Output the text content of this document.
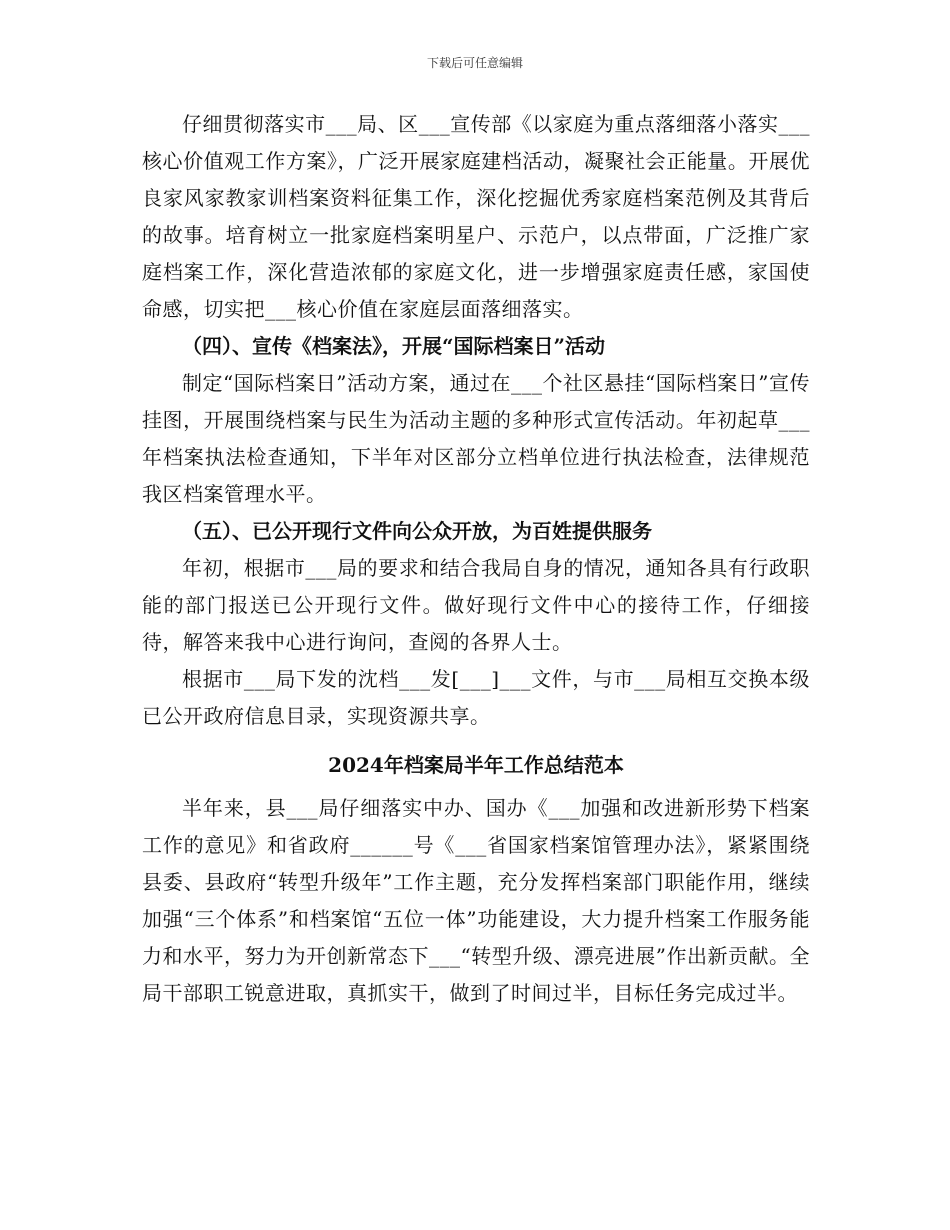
下载后可任意编辑

仔细贯彻落实市___局、区___宣传部《以家庭为重点落细落小落实___核心价值观工作方案》，广泛开展家庭建档活动，凝聚社会正能量。开展优良家风家教家训档案资料征集工作，深化挖掘优秀家庭档案范例及其背后的故事。培育树立一批家庭档案明星户、示范户，以点带面，广泛推广家庭档案工作，深化营造浓郁的家庭文化，进一步增强家庭责任感，家国使命感，切实把___核心价值在家庭层面落细落实。

（四）、宣传《档案法》，开展“国际档案日”活动

制定“国际档案日”活动方案，通过在___个社区悬挂“国际档案日”宣传挂图，开展围绕档案与民生为活动主题的多种形式宣传活动。年初起草___年档案执法检查通知，下半年对区部分立档单位进行执法检查，法律规范我区档案管理水平。

（五）、已公开现行文件向公众开放，为百姓提供服务

年初，根据市___局的要求和结合我局自身的情况，通知各具有行政职能的部门报送已公开现行文件。做好现行文件中心的接待工作，仔细接待，解答来我中心进行询问，查阅的各界人士。

根据市___局下发的沈档___发[___]___文件，与市___局相互交换本级已公开政府信息目录，实现资源共享。

2024年档案局半年工作总结范本

半年来，县___局仔细落实中办、国办《___加强和改进新形势下档案工作的意见》和省政府______号《___省国家档案馆管理办法》，紧紧围绕县委、县政府“转型升级年”工作主题，充分发挥档案部门职能作用，继续加强“三个体系”和档案馆“五位一体”功能建设，大力提升档案工作服务能力和水平，努力为开创新常态下___“转型升级、漂亮进展”作出新贡献。全局干部职工锐意进取，真抓实干，做到了时间过半，目标任务完成过半。
